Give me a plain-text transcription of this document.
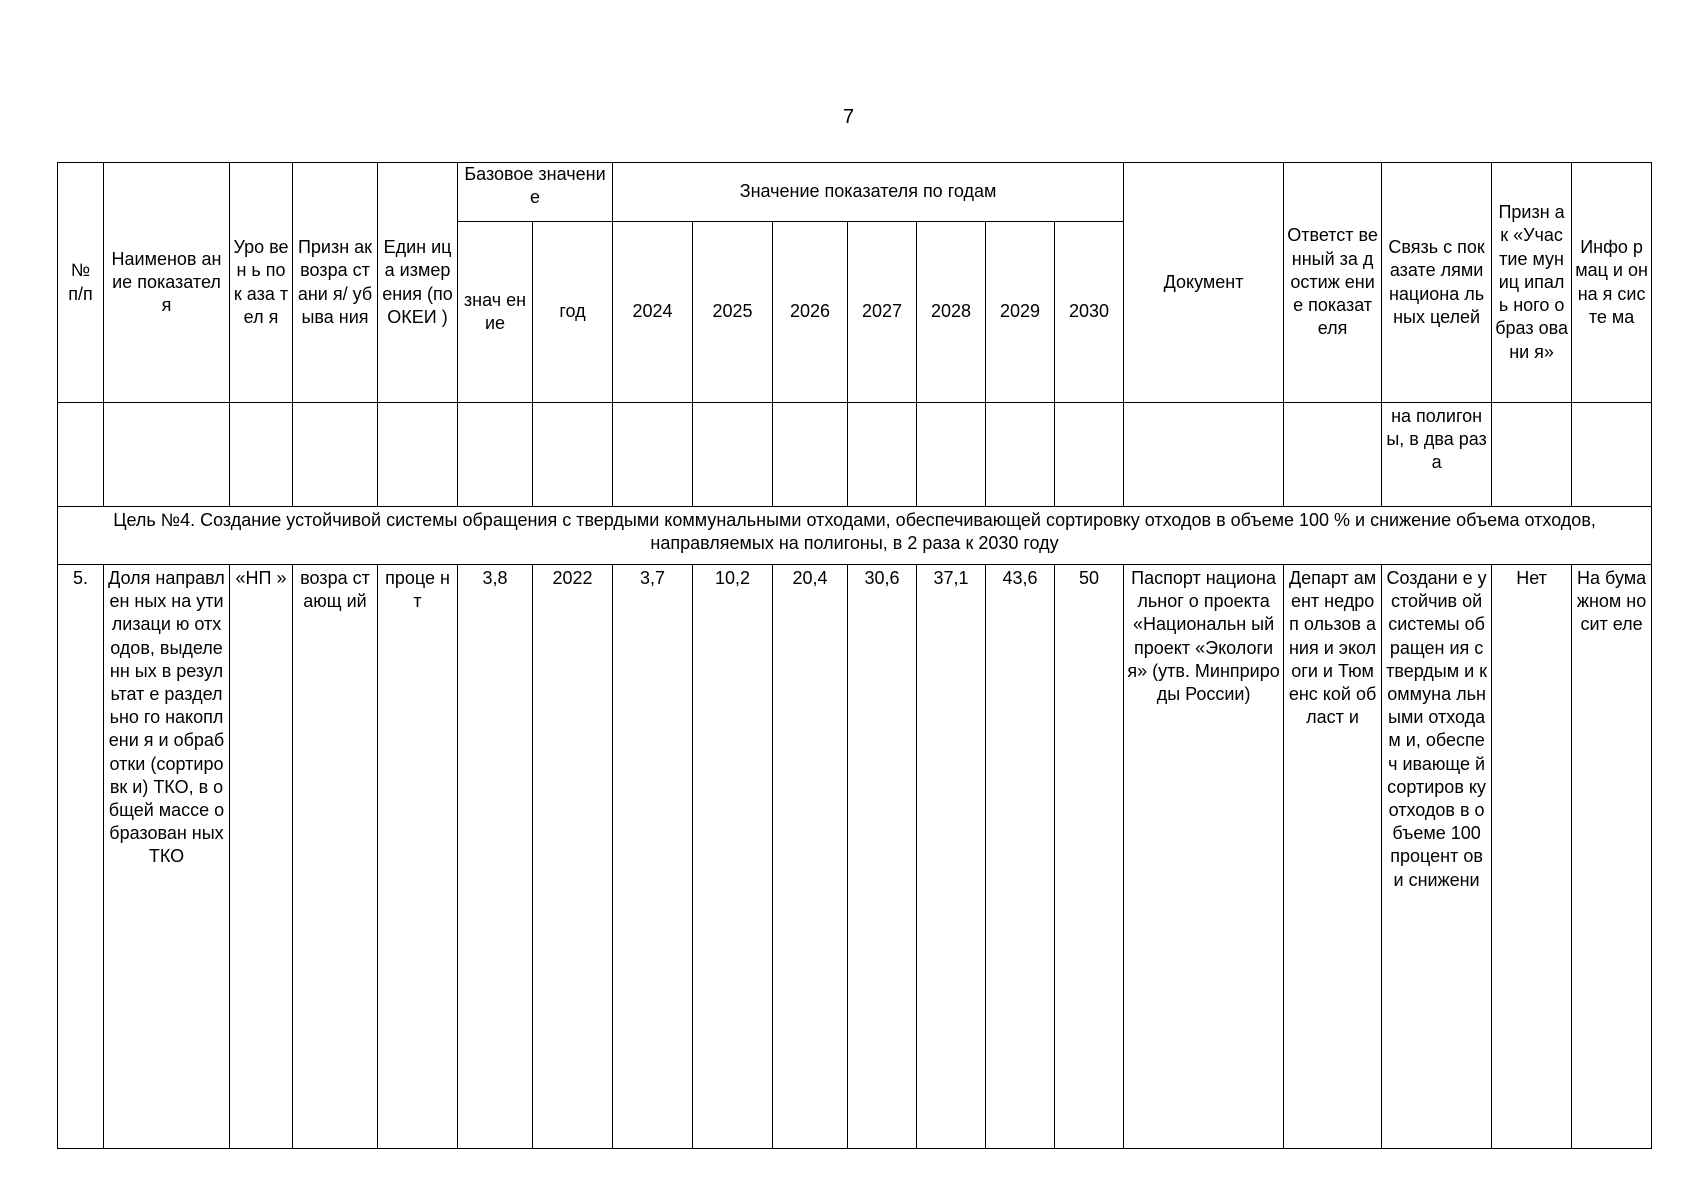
7
№ п/п	Наименов ание показател я	Уро вен ь пок аза тел я	Призн ак возра стани я/ убыва ния	Един ица измер ения (по ОКЕИ )	Базовое значение		Значение показателя по годам							Документ	Ответст венный за достиж ение показат еля	Связь с показате лями национа льных целей	Призн ак «Учас тие муниц ипаль ного образ овани я»	Инфо рмац и онна я систе ма
					знач ение	год	2024	2025	2026	2027	2028	2029	2030					
																на полигон ы, в два раза		
Цель №4. Создание устойчивой системы обращения с твердыми коммунальными отходами, обеспечивающей сортировку отходов в объеме 100 % и снижение объема отходов, направляемых на полигоны, в 2 раза к 2030 году																		
5.	Доля направлен ных на утилизаци ю отходов, выделенн ых в результат е раздельно го накоплени я и обработки (сортировк и) ТКО, в общей массе образован ных ТКО	«НП »	возра стающ ий	проце нт	3,8	2022	3,7	10,2	20,4	30,6	37,1	43,6	50	Паспорт национальног о проекта «Национальн ый проект «Экология» (утв. Минприроды России)	Департ амент недроп ользов ания и экологи и Тюменс кой област и	Создани е устойчив ой системы обращен ия с твердым и коммуна льными отходам и, обеспеч ивающе й сортиров ку отходов в объеме 100 процент ов и снижени	Нет	На бума жном носит еле
